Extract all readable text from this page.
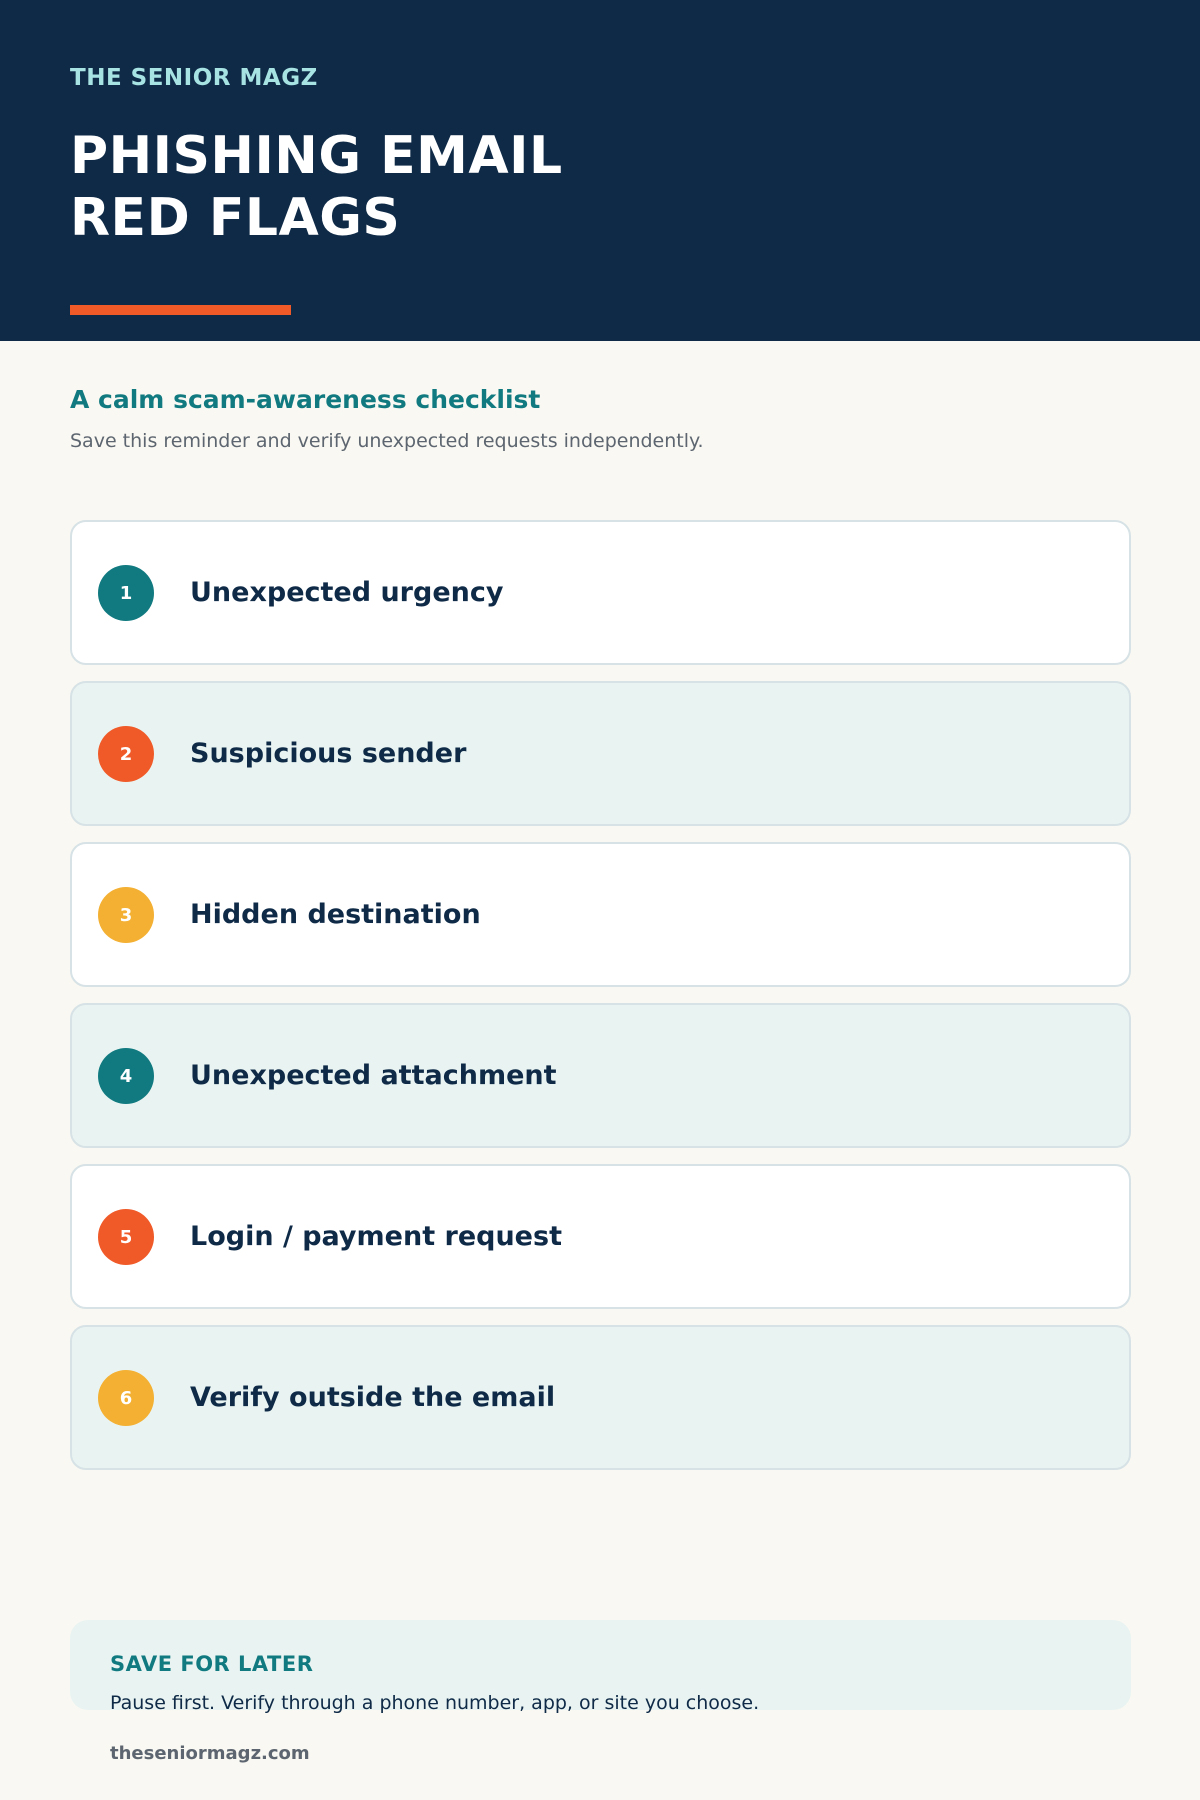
THE SENIOR MAGZ
PHISHING EMAIL
RED FLAGS
A calm scam-awareness checklist
Save this reminder and verify unexpected requests independently.
1	Unexpected urgency
2	Suspicious sender
3	Hidden destination
4	Unexpected attachment
5	Login / payment request
6	Verify outside the email
SAVE FOR LATER
Pause first. Verify through a phone number, app, or site you choose.
theseniormagz.com
